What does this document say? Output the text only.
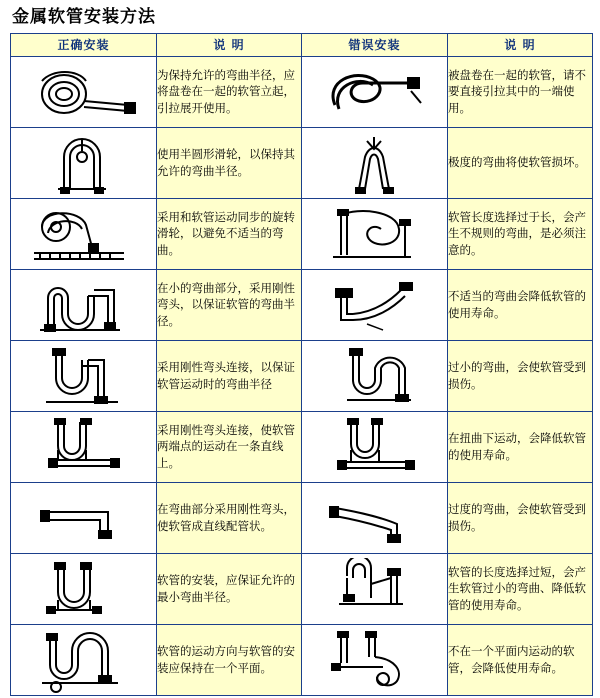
金属软管安装方法
正确安装	说 明	错误安装	说 明

	为保持允许的弯曲半径，应将盘卷在一起的软管立起，引拉展开使用。		被盘卷在一起的软管，请不要直接引拉其中的一端使用。

	使用半圆形滑轮，以保持其允许的弯曲半径。		极度的弯曲将使软管损坏。

	采用和软管运动同步的旋转滑轮，以避免不适当的弯曲。		软管长度选择过于长，会产生不规则的弯曲，是必须注意的。

	在小的弯曲部分，采用刚性弯头，以保证软管的弯曲半径。		不适当的弯曲会降低软管的使用寿命。

	采用刚性弯头连接，以保证软管运动时的弯曲半径		过小的弯曲，会使软管受到损伤。

	采用刚性弯头连接，使软管两端点的运动在一条直线上。		在扭曲下运动，会降低软管的使用寿命。

	在弯曲部分采用刚性弯头，使软管成直线配管状。		过度的弯曲，会使软管受到损伤。

	软管的安装，应保证允许的最小弯曲半径。		软管的长度选择过短，会产生软管过小的弯曲、降低软管的使用寿命。

	软管的运动方向与软管的安装应保持在一个平面。		不在一个平面内运动的软管，会降低使用寿命。
